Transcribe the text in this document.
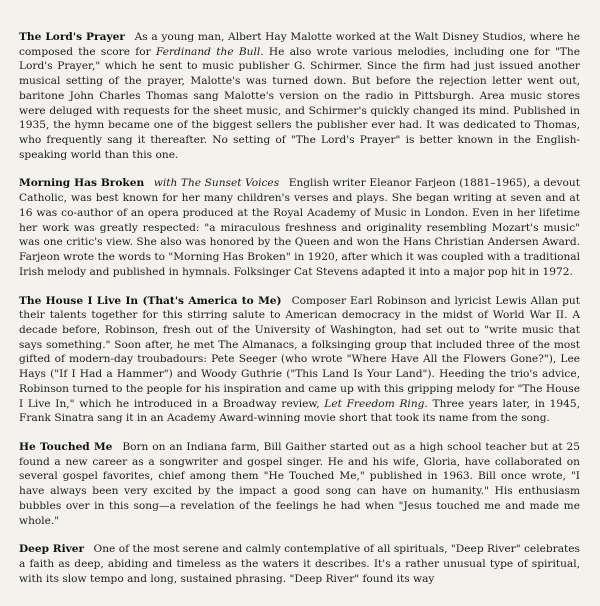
The Lord's Prayer As a young man, Albert Hay Malotte worked at the Walt Disney Studios, where he composed the score for Ferdinand the Bull. He also wrote various melodies, including one for "The Lord's Prayer," which he sent to music publisher G. Schirmer. Since the firm had just issued another musical setting of the prayer, Malotte's was turned down. But before the rejection letter went out, baritone John Charles Thomas sang Malotte's version on the radio in Pittsburgh. Area music stores were deluged with requests for the sheet music, and Schirmer's quickly changed its mind. Published in 1935, the hymn became one of the biggest sellers the publisher ever had. It was dedicated to Thomas, who frequently sang it thereafter. No setting of "The Lord's Prayer" is better known in the English-speaking world than this one.

Morning Has Broken with The Sunset Voices English writer Eleanor Farjeon (1881–1965), a devout Catholic, was best known for her many children's verses and plays. She began writing at seven and at 16 was co-author of an opera produced at the Royal Academy of Music in London. Even in her lifetime her work was greatly respected: "a miraculous freshness and originality resembling Mozart's music" was one critic's view. She also was honored by the Queen and won the Hans Christian Andersen Award. Farjeon wrote the words to "Morning Has Broken" in 1920, after which it was coupled with a traditional Irish melody and published in hymnals. Folksinger Cat Stevens adapted it into a major pop hit in 1972.

The House I Live In (That's America to Me) Composer Earl Robinson and lyricist Lewis Allan put their talents together for this stirring salute to American democracy in the midst of World War II. A decade before, Robinson, fresh out of the University of Washington, had set out to "write music that says something." Soon after, he met The Almanacs, a folksinging group that included three of the most gifted of modern-day troubadours: Pete Seeger (who wrote "Where Have All the Flowers Gone?"), Lee Hays ("If I Had a Hammer") and Woody Guthrie ("This Land Is Your Land"). Heeding the trio's advice, Robinson turned to the people for his inspiration and came up with this gripping melody for "The House I Live In," which he introduced in a Broadway review, Let Freedom Ring. Three years later, in 1945, Frank Sinatra sang it in an Academy Award-winning movie short that took its name from the song.

He Touched Me Born on an Indiana farm, Bill Gaither started out as a high school teacher but at 25 found a new career as a songwriter and gospel singer. He and his wife, Gloria, have collaborated on several gospel favorites, chief among them "He Touched Me," published in 1963. Bill once wrote, "I have always been very excited by the impact a good song can have on humanity." His enthusiasm bubbles over in this song—a revelation of the feelings he had when "Jesus touched me and made me whole."

Deep River One of the most serene and calmly contemplative of all spirituals, "Deep River" celebrates a faith as deep, abiding and timeless as the waters it describes. It's a rather unusual type of spiritual, with its slow tempo and long, sustained phrasing. "Deep River" found its way
